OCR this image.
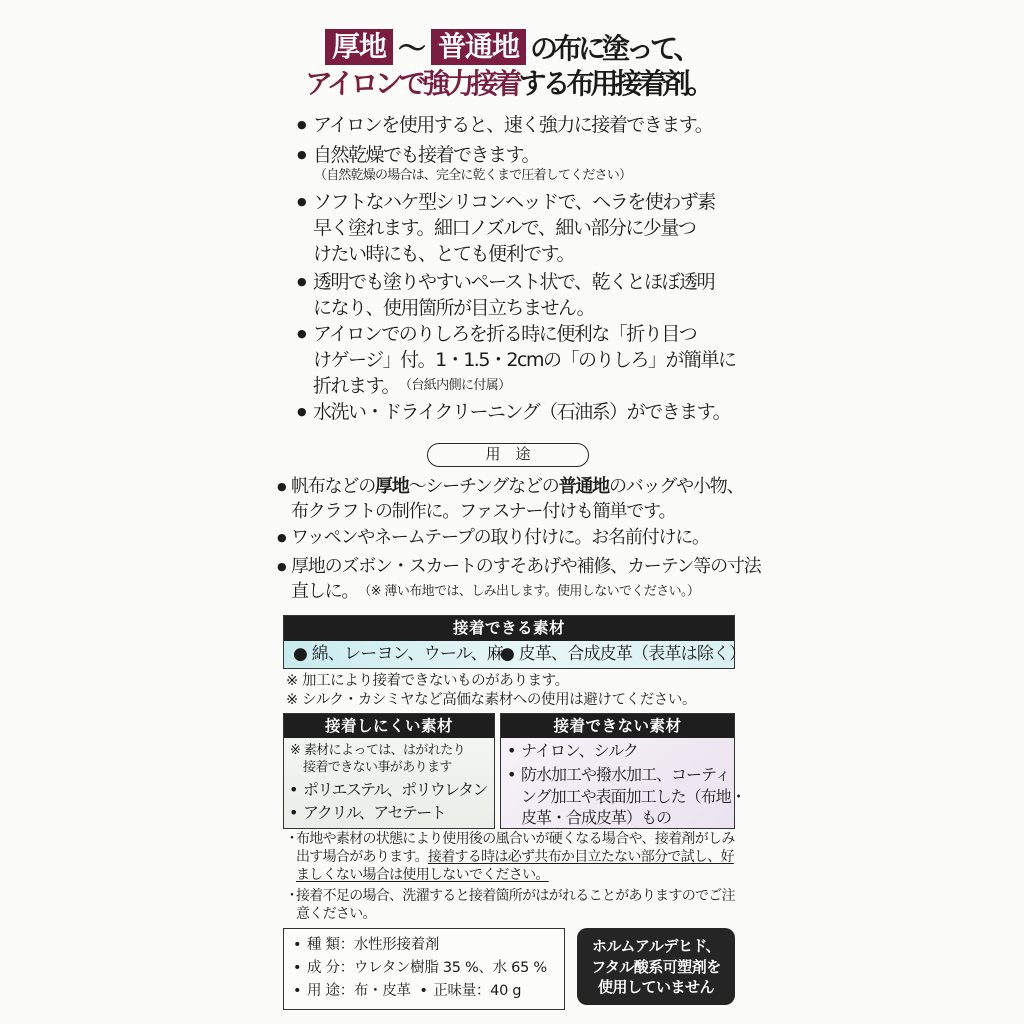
厚地 〜 普通地 の布に塗って、
アイロンで強力接着する布用接着剤。
● アイロンを使用すると、速く強力に接着できます。
● 自然乾燥でも接着できます。
（自然乾燥の場合は、完全に乾くまで圧着してください）
● ソフトなハケ型シリコンヘッドで、ヘラを使わず素
早く塗れます。細口ノズルで、細い部分に少量つ
けたい時にも、とても便利です。
● 透明でも塗りやすいペースト状で、乾くとほぼ透明
になり、使用箇所が目立ちません。
● アイロンでのりしろを折る時に便利な「折り目つ
けゲージ」付。1・1.5・2cmの「のりしろ」が簡単に
折れます。 （台紙内側に付属）
● 水洗い・ドライクリーニング（石油系）ができます。
用　途
● 帆布などの 厚地 〜シーチングなどの 普通地 のバッグや小物、
布クラフトの制作に。ファスナー付けも簡単です。
● ワッペンやネームテープの取り付けに。お名前付けに。
● 厚地のズボン・スカートのすそあげや補修、カーテン等の寸法
直しに。 （※ 薄い布地では、しみ出します。使用しないでください。）
接着できる素材
● 綿、レーヨン、ウール、麻
● 皮革、合成皮革（表革は除く）
※ 加工により接着できないものがあります。
※ シルク・カシミヤなど高価な素材への使用は避けてください。
接着しにくい素材
※ 素材によっては、はがれたり
接着できない事があります
• ポリエステル、ポリウレタン
• アクリル、アセテート
接着できない素材
• ナイロン、シルク
• 防水加工や撥水加工、コーティ
ング加工や表面加工した（布地・
皮革・合成皮革）もの
・布地や素材の状態により使用後の風合いが硬くなる場合や、接着剤がしみ
出す場合があります。接着する時は必ず共布か目立たない部分で試し、好
ましくない場合は使用しないでください。
・接着不足の場合、洗濯すると接着箇所がはがれることがありますのでご注
意ください。
• 種 類：水性形接着剤
• 成 分：ウレタン樹脂 35 %、水 65 %
• 用 途：布・皮革 • 正味量：40 g
ホルムアルデヒド、
フタル酸系可塑剤を
使用していません
